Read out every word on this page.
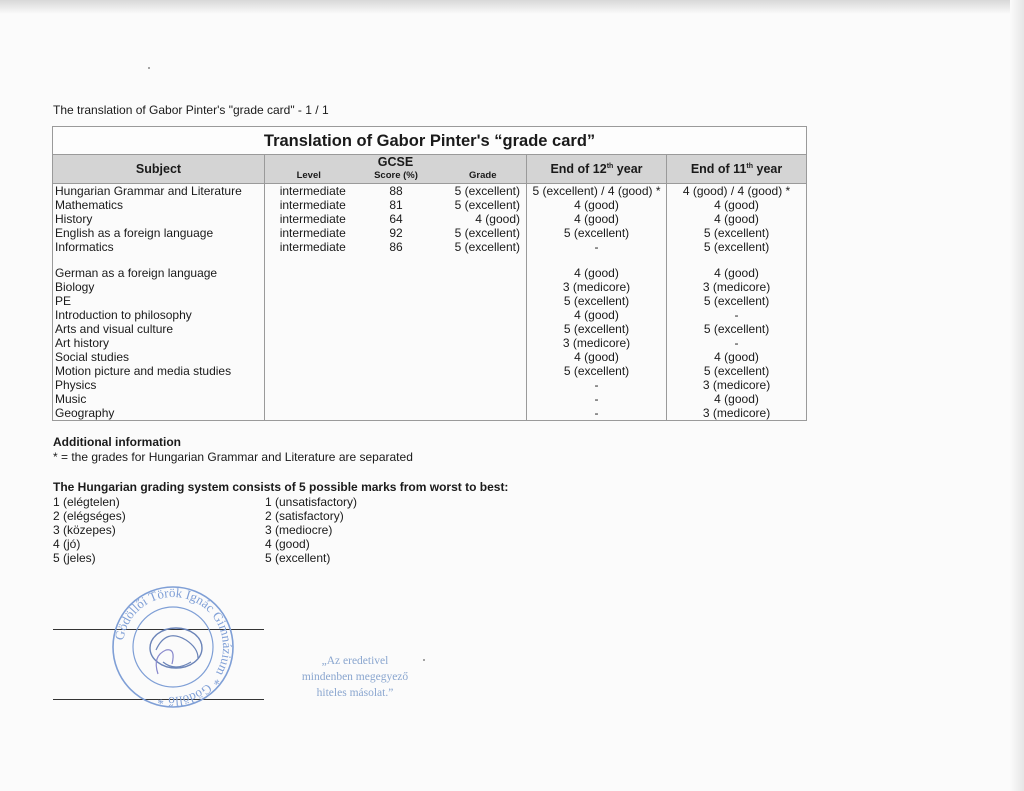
The translation of Gabor Pinter's "grade card" - 1 / 1
Translation of Gabor Pinter's “grade card”					
Subject	GCSE			End of 12th year	End of 11th year
	Level	Score (%)	Grade		
Hungarian Grammar and Literature	intermediate	88	5 (excellent)	5 (excellent) / 4 (good) *	4 (good) / 4 (good) *
Mathematics	intermediate	81	5 (excellent)	4 (good)	4 (good)
History	intermediate	64	4 (good)	4 (good)	4 (good)
English as a foreign language	intermediate	92	5 (excellent)	5 (excellent)	5 (excellent)
Informatics	intermediate	86	5 (excellent)	-	5 (excellent)

German as a foreign language				4 (good)	4 (good)
Biology				3 (medicore)	3 (medicore)
PE				5 (excellent)	5 (excellent)
Introduction to philosophy				4 (good)	-
Arts and visual culture				5 (excellent)	5 (excellent)
Art history				3 (medicore)	-
Social studies				4 (good)	4 (good)
Motion picture and media studies				5 (excellent)	5 (excellent)
Physics				-	3 (medicore)
Music				-	4 (good)
Geography				-	3 (medicore)
Additional information
* = the grades for Hungarian Grammar and Literature are separated
The Hungarian grading system consists of 5 possible marks from worst to best:
1 (elégtelen)	1 (unsatisfactory)
2 (elégséges)	2 (satisfactory)
3 (közepes)	3 (mediocre)
4 (jó)	4 (good)
5 (jeles)	5 (excellent)
Gödöllői Török Ignác Gimnázium * Gödöllő *
„Az eredetivel
mindenben megegyező
hiteles másolat.”
